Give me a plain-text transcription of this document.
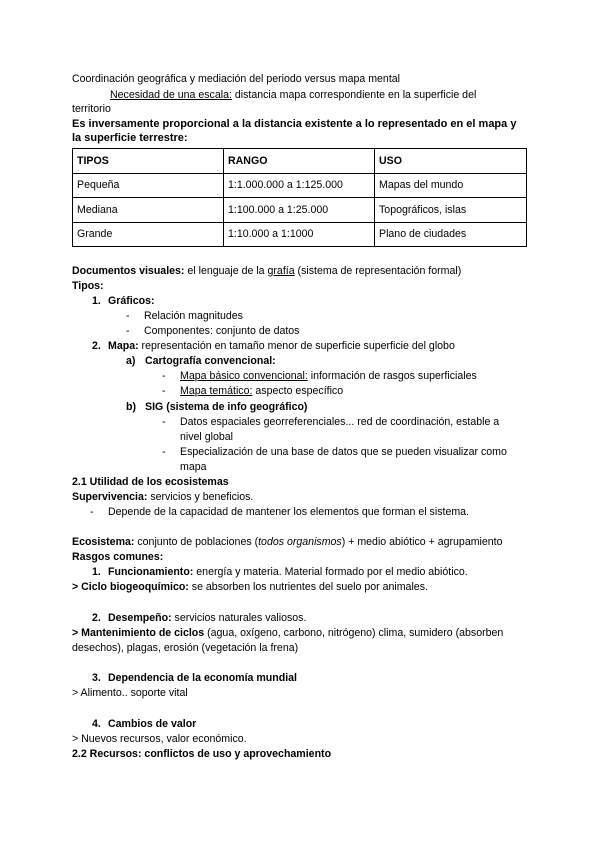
Coordinación geográfica y mediación del periodo versus mapa mental
Necesidad de una escala: distancia mapa correspondiente en la superficie del
territorio
Es inversamente proporcional a la distancia existente a lo representado en el mapa y
la superficie terrestre:
TIPOS	RANGO	USO
Pequeña	1:1.000.000 a 1:125.000	Mapas del mundo
Mediana	1:100.000 a 1:25.000	Topográficos, islas
Grande	1:10.000 a 1:1000	Plano de ciudades
Documentos visuales: el lenguaje de la grafía (sistema de representación formal)
Tipos:
1. Gráficos:
- Relación magnitudes
- Componentes: conjunto de datos
2. Mapa: representación en tamaño menor de superficie superficie del globo
a) Cartografía convencional:
- Mapa básico convencional: información de rasgos superficiales
- Mapa temático: aspecto específico
b) SIG (sistema de info geográfico)
- Datos espaciales georreferenciales... red de coordinación, estable a
nivel global
- Especialización de una base de datos que se pueden visualizar como
mapa
2.1 Utilidad de los ecosistemas
Supervivencia: servicios y beneficios.
- Depende de la capacidad de mantener los elementos que forman el sistema.
Ecosistema: conjunto de poblaciones (todos organismos) + medio abiótico + agrupamiento
Rasgos comunes:
1. Funcionamiento: energía y materia. Material formado por el medio abiótico.
> Ciclo biogeoquímico: se absorben los nutrientes del suelo por animales.
2. Desempeño: servicios naturales valiosos.
> Mantenimiento de ciclos (agua, oxígeno, carbono, nitrógeno) clima, sumidero (absorben
desechos), plagas, erosión (vegetación la frena)
3. Dependencia de la economía mundial
> Alimento.. soporte vital
4. Cambios de valor
> Nuevos recursos, valor económico.
2.2 Recursos: conflictos de uso y aprovechamiento
